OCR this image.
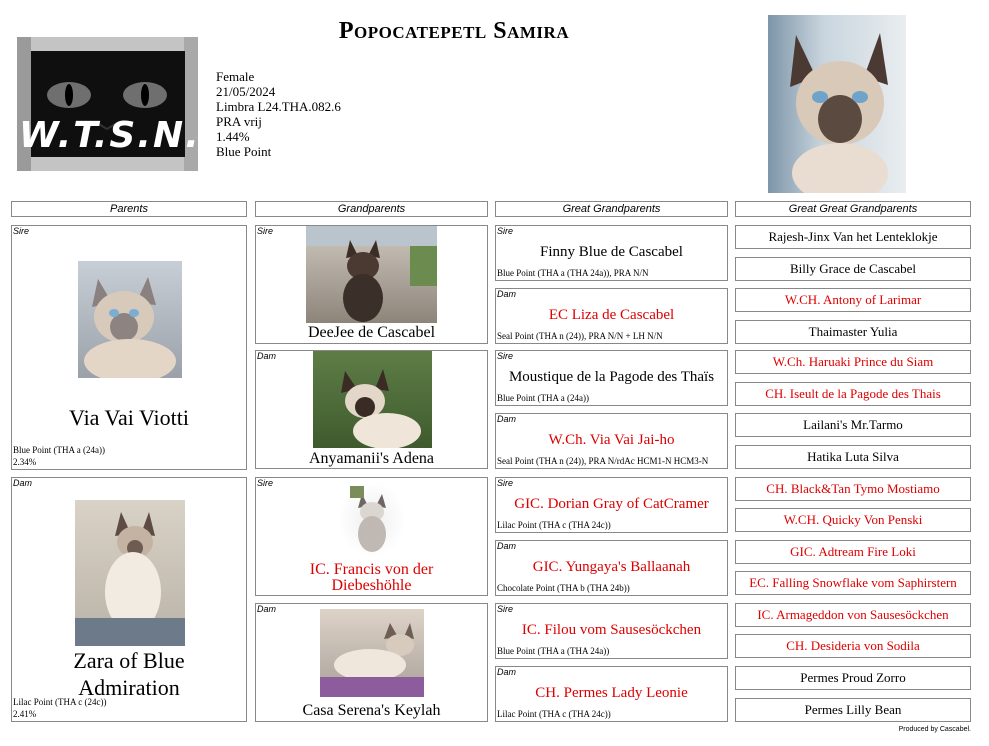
W.T.S.N.
Popocatepetl Samira
Female
21/05/2024
Limbra L24.THA.082.6
PRA vrij
1.44%
Blue Point
Parents	Grandparents	Great Grandparents	Great Great Grandparents
Sire
Via Vai Viotti
Blue Point (THA a (24a))
2.34%
Dam
Zara of Blue Admiration
Lilac Point (THA c (24c))
2.41%
Sire
DeeJee de Cascabel
Dam
Anyamanii's Adena
Sire
IC. Francis von der Diebeshöhle
Dam
Casa Serena's Keylah
Sire
Finny Blue de Cascabel
Blue Point (THA a (THA 24a)), PRA N/N
Dam
EC Liza de Cascabel
Seal Point (THA n (24)), PRA N/N + LH N/N
Sire
Moustique de la Pagode des Thaïs
Blue Point (THA a (24a))
Dam
W.Ch. Via Vai Jai-ho
Seal Point (THA n (24)), PRA N/rdAc HCM1-N HCM3-N
Sire
GIC. Dorian Gray of CatCramer
Lilac Point (THA c (THA 24c))
Dam
GIC. Yungaya's Ballaanah
Chocolate Point (THA b (THA 24b))
Sire
IC. Filou vom Sausesöckchen
Blue Point (THA a (THA 24a))
Dam
CH. Permes Lady Leonie
Lilac Point (THA c (THA 24c))
Rajesh-Jinx Van het Lenteklokje
Billy Grace de Cascabel
W.CH. Antony of Larimar
Thaimaster Yulia
W.Ch. Haruaki Prince du Siam
CH. Iseult de la Pagode des Thais
Lailani's Mr.Tarmo
Hatika Luta Silva
CH. Black&Tan Tymo Mostiamo
W.CH. Quicky Von Penski
GIC. Adtream Fire Loki
EC. Falling Snowflake vom Saphirstern
IC. Armageddon von Sausesöckchen
CH. Desideria von Sodila
Permes Proud Zorro
Permes Lilly Bean
Produced by Cascabel.
